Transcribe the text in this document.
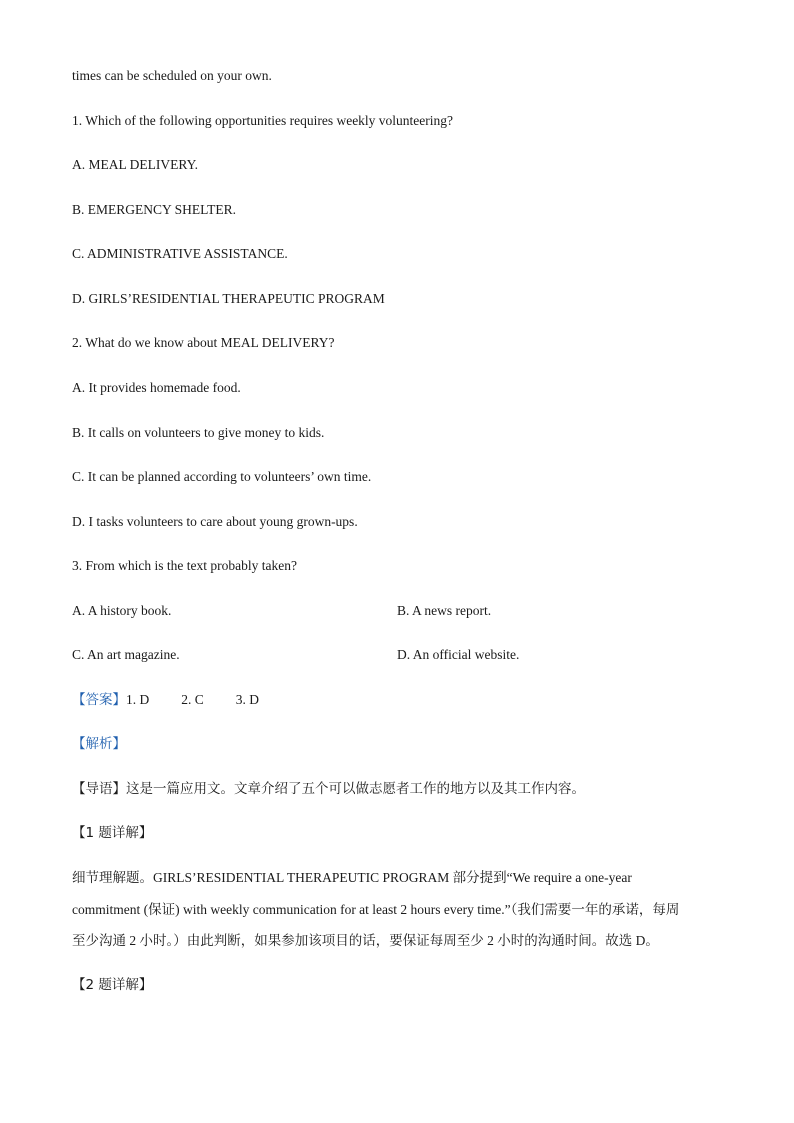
times can be scheduled on your own.
1. Which of the following opportunities requires weekly volunteering?
A. MEAL DELIVERY.
B. EMERGENCY SHELTER.
C. ADMINISTRATIVE ASSISTANCE.
D. GIRLS’RESIDENTIAL THERAPEUTIC PROGRAM
2. What do we know about MEAL DELIVERY?
A. It provides homemade food.
B. It calls on volunteers to give money to kids.
C. It can be planned according to volunteers’ own time.
D. I tasks volunteers to care about young grown-ups.
3. From which is the text probably taken?
A. A history book.	B. A news report.
C. An art magazine.	D. An official website.
【答案】1. D 2. C 3. D
【解析】
【导语】这是一篇应用文。文章介绍了五个可以做志愿者工作的地方以及其工作内容。
【1 题详解】
细节理解题。GIRLS’RESIDENTIAL THERAPEUTIC PROGRAM 部分提到“We require a one-year
commitment (保证) with weekly communication for at least 2 hours every time.”（我们需要一年的承诺，每周
至少沟通 2 小时。）由此判断，如果参加该项目的话，要保证每周至少 2 小时的沟通时间。故选 D。
【2 题详解】
